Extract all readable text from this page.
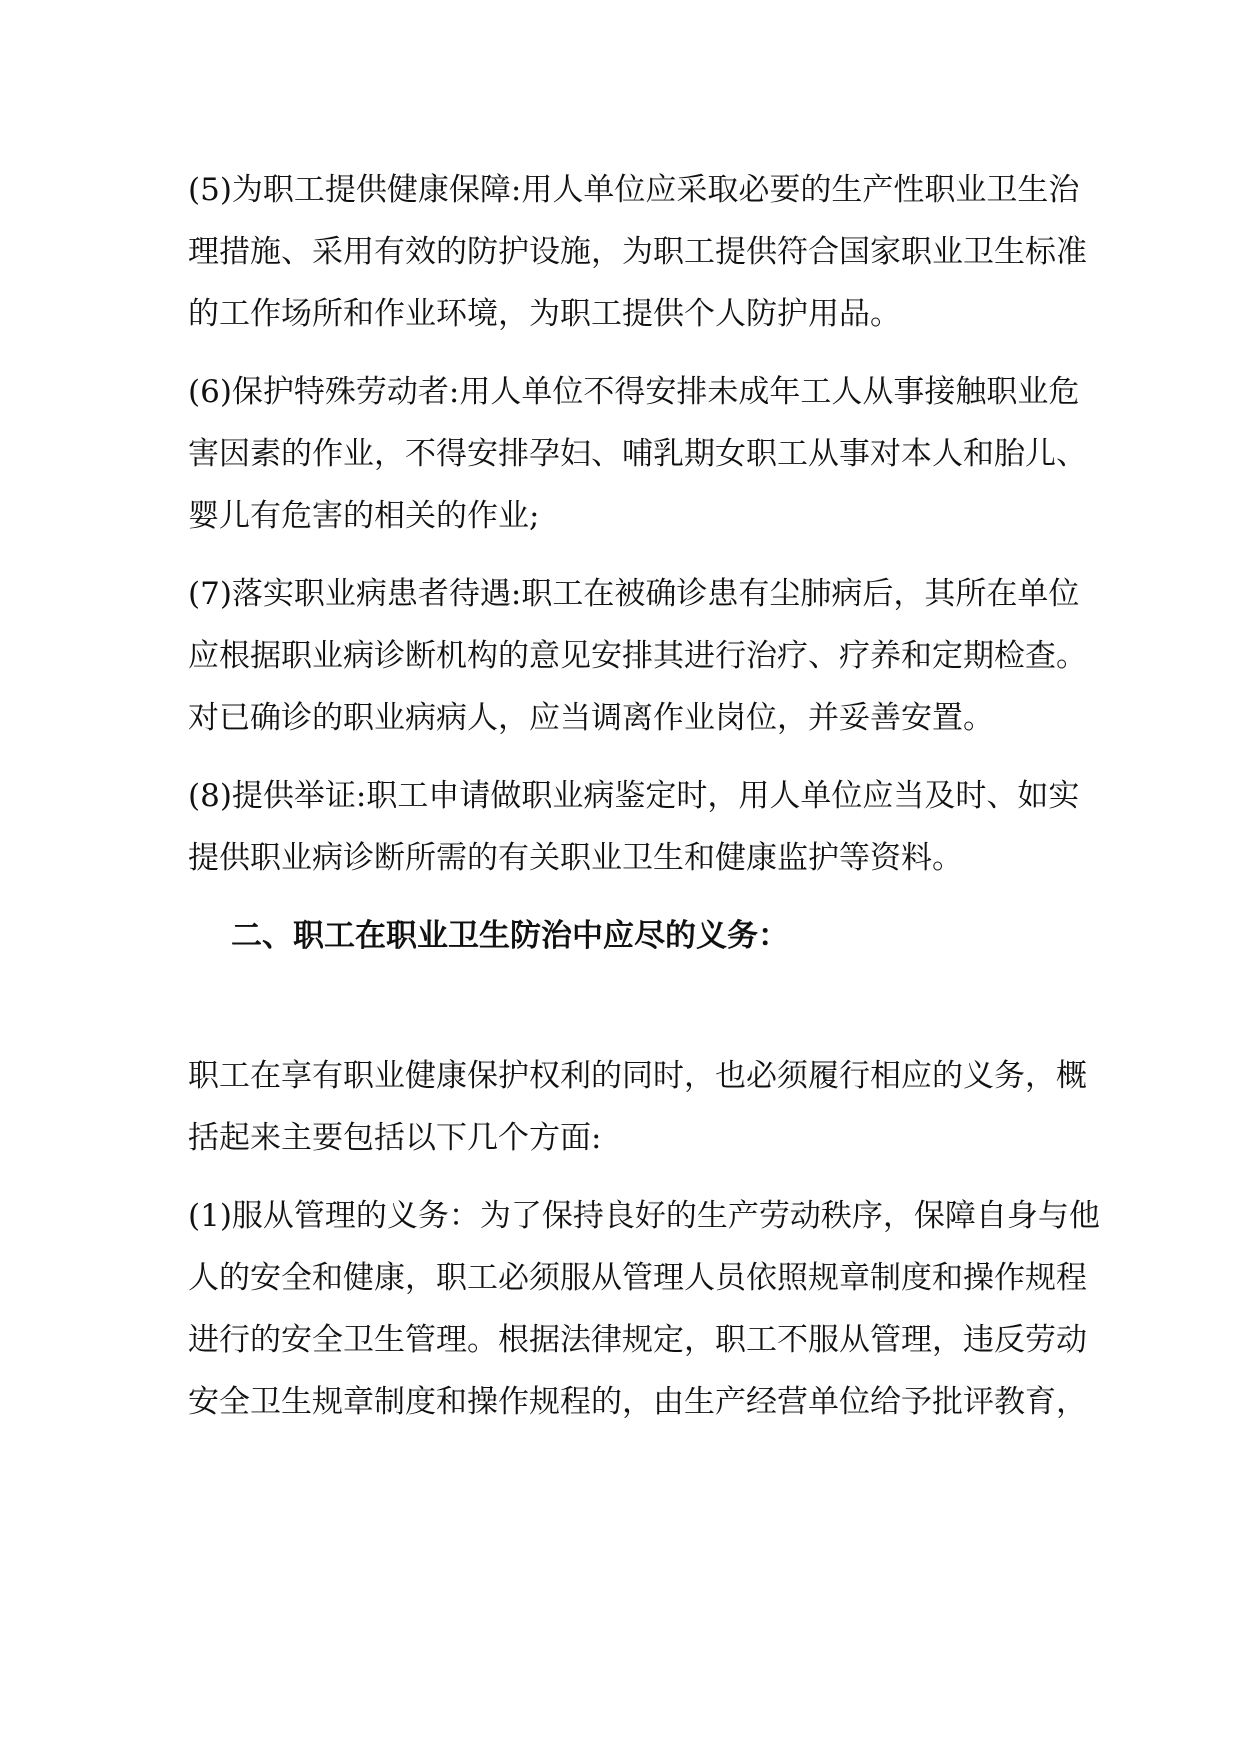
(5)为职工提供健康保障:用人单位应采取必要的生产性职业卫生治
理措施、采用有效的防护设施，为职工提供符合国家职业卫生标准
的工作场所和作业环境，为职工提供个人防护用品。
(6)保护特殊劳动者:用人单位不得安排未成年工人从事接触职业危
害因素的作业，不得安排孕妇、哺乳期女职工从事对本人和胎儿、
婴儿有危害的相关的作业;
(7)落实职业病患者待遇:职工在被确诊患有尘肺病后，其所在单位
应根据职业病诊断机构的意见安排其进行治疗、疗养和定期检查。
对已确诊的职业病病人，应当调离作业岗位，并妥善安置。
(8)提供举证:职工申请做职业病鉴定时，用人单位应当及时、如实
提供职业病诊断所需的有关职业卫生和健康监护等资料。
二、职工在职业卫生防治中应尽的义务：
职工在享有职业健康保护权利的同时，也必须履行相应的义务，概
括起来主要包括以下几个方面:
(1)服从管理的义务：为了保持良好的生产劳动秩序，保障自身与他
人的安全和健康，职工必须服从管理人员依照规章制度和操作规程
进行的安全卫生管理。根据法律规定，职工不服从管理，违反劳动
安全卫生规章制度和操作规程的，由生产经营单位给予批评教育，
